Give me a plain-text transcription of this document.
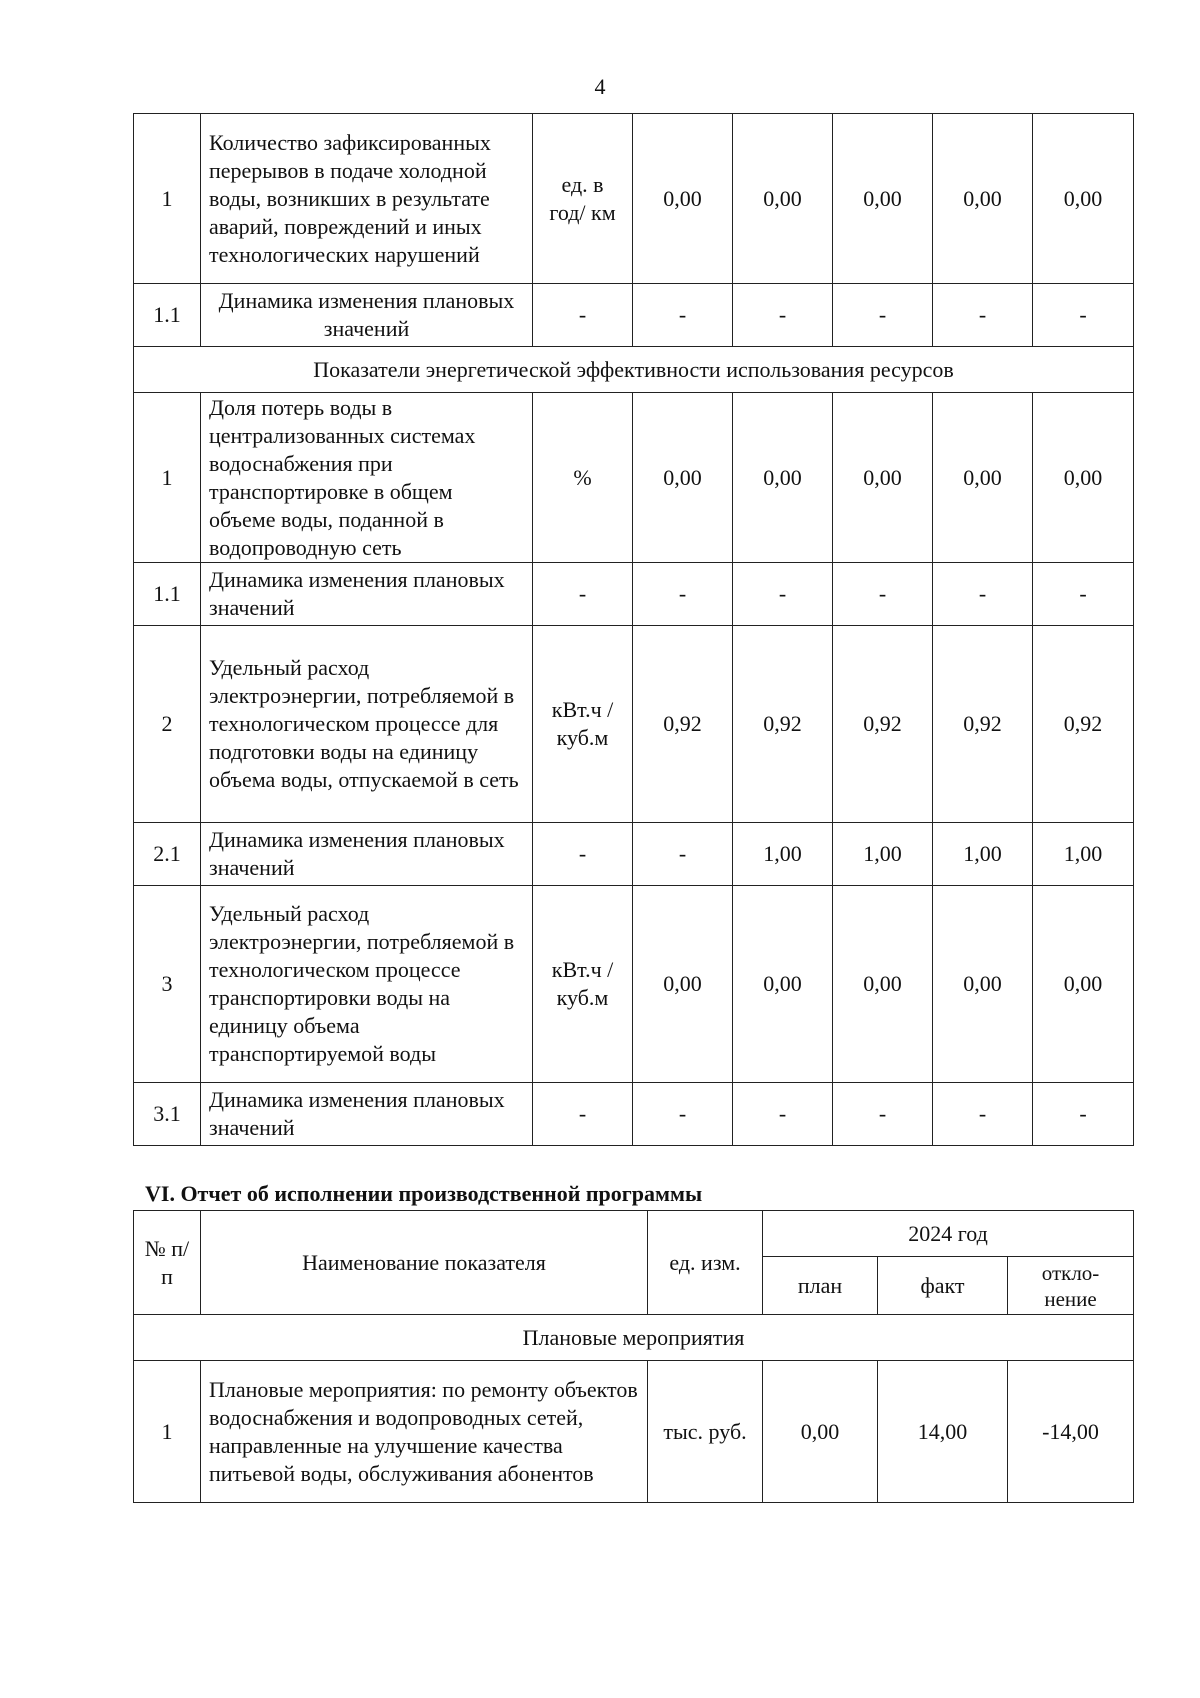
4
1	Количество зафиксированных перерывов в подаче холодной воды, возникших в результате аварий, повреждений и иных технологических нарушений	ед. в год/ км	0,00	0,00	0,00	0,00	0,00
1.1	Динамика изменения плановых значений	-	-	-	-	-	-
Показатели энергетической эффективности использования ресурсов							
1	Доля потерь воды в централизованных системах водоснабжения при транспортировке в общем объеме воды, поданной в водопроводную сеть	%	0,00	0,00	0,00	0,00	0,00
1.1	Динамика изменения плановых значений	-	-	-	-	-	-
2	Удельный расход электроэнергии, потребляемой в технологическом процессе для подготовки воды на единицу объема воды, отпускаемой в сеть	кВт.ч / куб.м	0,92	0,92	0,92	0,92	0,92
2.1	Динамика изменения плановых значений	-	-	1,00	1,00	1,00	1,00
3	Удельный расход электроэнергии, потребляемой в технологическом процессе транспортировки воды на единицу объема транспортируемой воды	кВт.ч / куб.м	0,00	0,00	0,00	0,00	0,00
3.1	Динамика изменения плановых значений	-	-	-	-	-	-
VI. Отчет об исполнении производственной программы
№ п/п	Наименование показателя	ед. изм.	2024 год		
			план	факт	откло-нение
Плановые мероприятия					
1	Плановые мероприятия: по ремонту объектов водоснабжения и водопроводных сетей, направленные на улучшение качества питьевой воды, обслуживания абонентов	тыс. руб.	0,00	14,00	-14,00
